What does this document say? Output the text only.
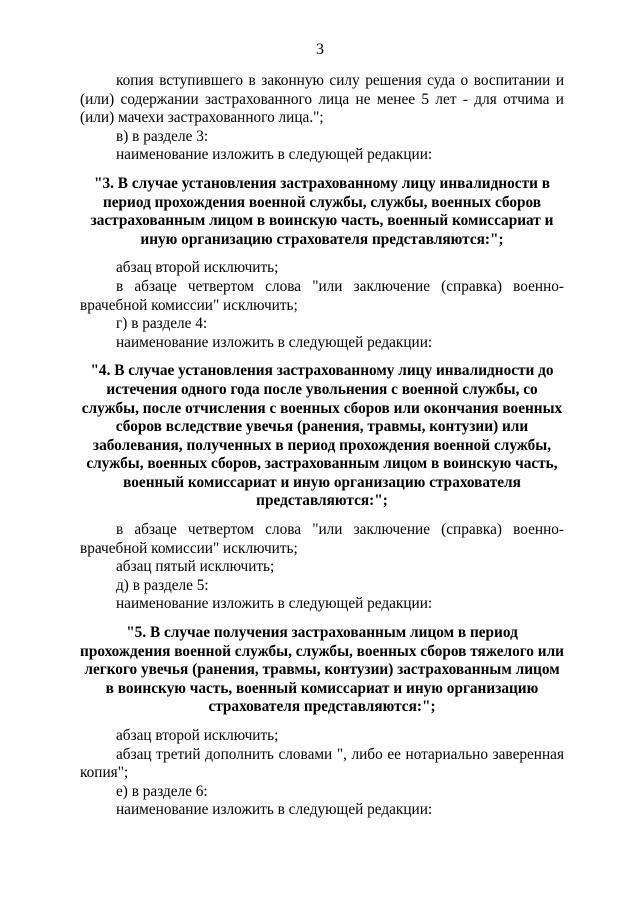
3

копия вступившего в законную силу решения суда о воспитании и (или) содержании застрахованного лица не менее 5 лет - для отчима и (или) мачехи застрахованного лица.";

в) в разделе 3:

наименование изложить в следующей редакции:

"3. В случае установления застрахованному лицу инвалидности в период прохождения военной службы, службы, военных сборов застрахованным лицом в воинскую часть, военный комиссариат и иную организацию страхователя представляются:";

абзац второй исключить;

в абзаце четвертом слова "или заключение (справка) военно-врачебной комиссии" исключить;

г) в разделе 4:

наименование изложить в следующей редакции:

"4. В случае установления застрахованному лицу инвалидности до истечения одного года после увольнения с военной службы, со службы, после отчисления с военных сборов или окончания военных сборов вследствие увечья (ранения, травмы, контузии) или заболевания, полученных в период прохождения военной службы, службы, военных сборов, застрахованным лицом в воинскую часть, военный комиссариат и иную организацию страхователя представляются:";

в абзаце четвертом слова "или заключение (справка) военно-врачебной комиссии" исключить;

абзац пятый исключить;

д) в разделе 5:

наименование изложить в следующей редакции:

"5. В случае получения застрахованным лицом в период прохождения военной службы, службы, военных сборов тяжелого или легкого увечья (ранения, травмы, контузии) застрахованным лицом в воинскую часть, военный комиссариат и иную организацию страхователя представляются:";

абзац второй исключить;

абзац третий дополнить словами ", либо ее нотариально заверенная копия";

е) в разделе 6:

наименование изложить в следующей редакции:
